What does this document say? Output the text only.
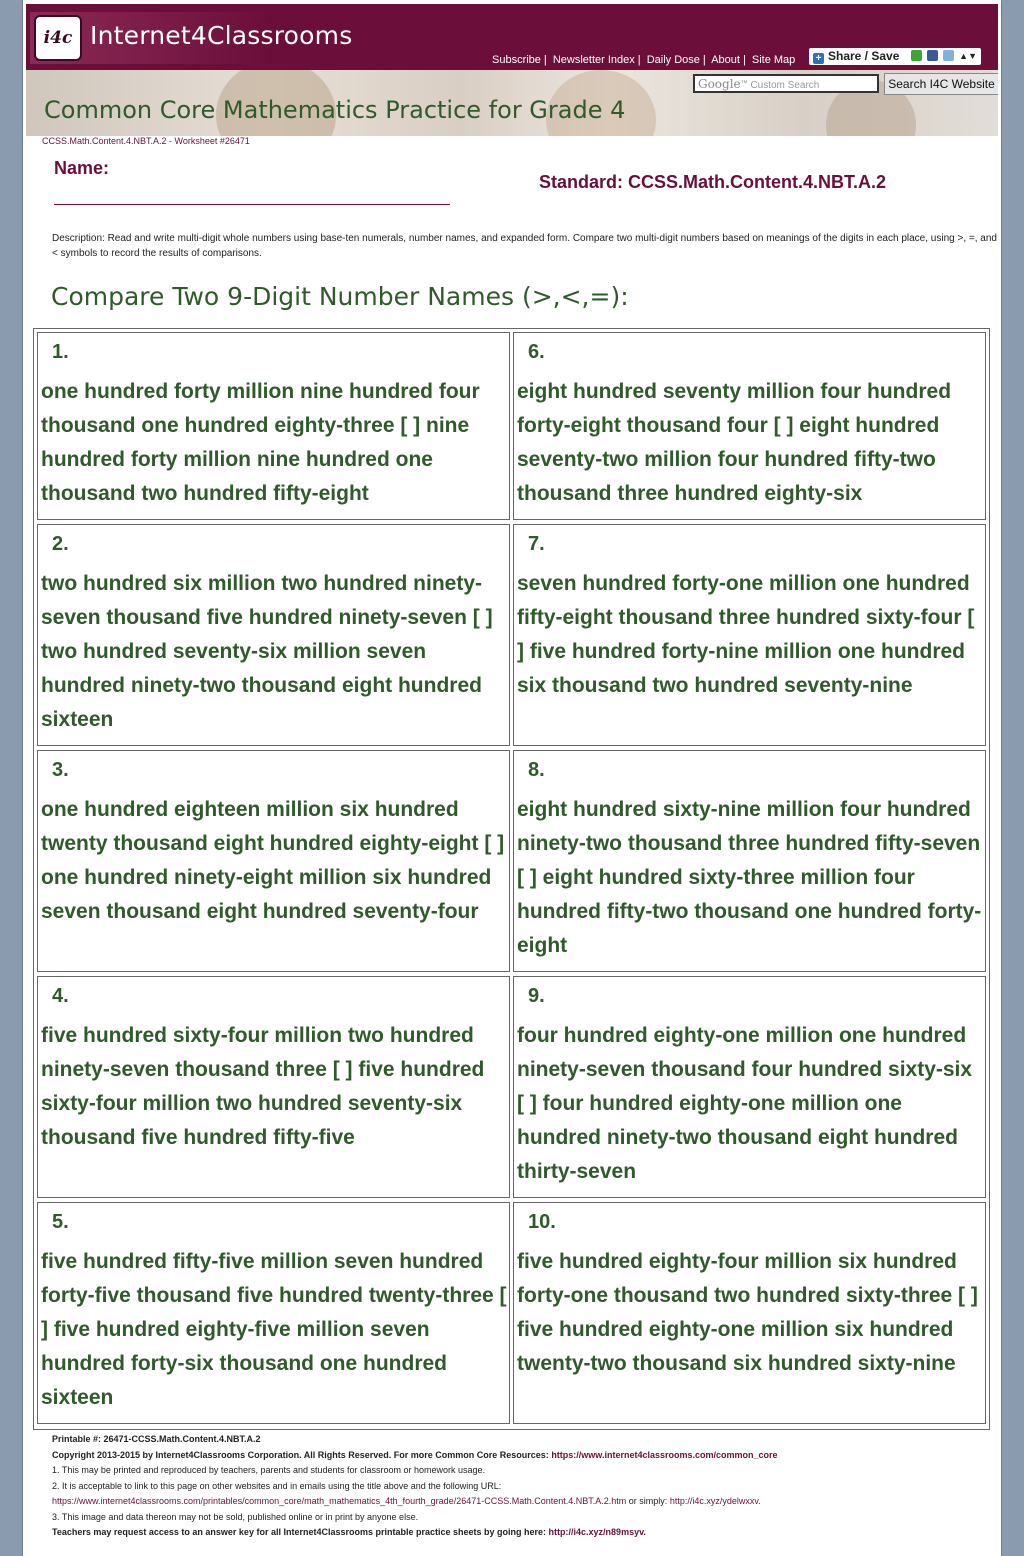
i4c Internet4Classrooms
Subscribe | Newsletter Index | Daily Dose | About | Site Map	+ Share / Save	▲▼
Google™ Custom Search	Search I4C Website
Common Core Mathematics Practice for Grade 4
CCSS.Math.Content.4.NBT.A.2 - Worksheet #26471
Name:
Standard: CCSS.Math.Content.4.NBT.A.2
Description: Read and write multi-digit whole numbers using base-ten numerals, number names, and expanded form. Compare two multi-digit numbers based on meanings of the digits in each place, using >, =, and < symbols to record the results of comparisons.
Compare Two 9-Digit Number Names (>,<,=):
1.
one hundred forty million nine hundred four thousand one hundred eighty-three [ ] nine hundred forty million nine hundred one thousand two hundred fifty-eight
6.
eight hundred seventy million four hundred forty-eight thousand four [ ] eight hundred seventy-two million four hundred fifty-two thousand three hundred eighty-six
2.
two hundred six million two hundred ninety-seven thousand five hundred ninety-seven [ ] two hundred seventy-six million seven hundred ninety-two thousand eight hundred sixteen
7.
seven hundred forty-one million one hundred fifty-eight thousand three hundred sixty-four [ ] five hundred forty-nine million one hundred six thousand two hundred seventy-nine
3.
one hundred eighteen million six hundred twenty thousand eight hundred eighty-eight [ ] one hundred ninety-eight million six hundred seven thousand eight hundred seventy-four
8.
eight hundred sixty-nine million four hundred ninety-two thousand three hundred fifty-seven [ ] eight hundred sixty-three million four hundred fifty-two thousand one hundred forty-eight
4.
five hundred sixty-four million two hundred ninety-seven thousand three [ ] five hundred sixty-four million two hundred seventy-six thousand five hundred fifty-five
9.
four hundred eighty-one million one hundred ninety-seven thousand four hundred sixty-six [ ] four hundred eighty-one million one hundred ninety-two thousand eight hundred thirty-seven
5.
five hundred fifty-five million seven hundred forty-five thousand five hundred twenty-three [ ] five hundred eighty-five million seven hundred forty-six thousand one hundred sixteen
10.
five hundred eighty-four million six hundred forty-one thousand two hundred sixty-three [ ] five hundred eighty-one million six hundred twenty-two thousand six hundred sixty-nine
Printable #: 26471-CCSS.Math.Content.4.NBT.A.2
Copyright 2013-2015 by Internet4Classrooms Corporation. All Rights Reserved. For more Common Core Resources: https://www.internet4classrooms.com/common_core
1. This may be printed and reproduced by teachers, parents and students for classroom or homework usage.
2. It is acceptable to link to this page on other websites and in emails using the title above and the following URL:
https://www.internet4classrooms.com/printables/common_core/math_mathematics_4th_fourth_grade/26471-CCSS.Math.Content.4.NBT.A.2.htm or simply: http://i4c.xyz/ydelwxxv.
3. This image and data thereon may not be sold, published online or in print by anyone else.
Teachers may request access to an answer key for all Internet4Classrooms printable practice sheets by going here: http://i4c.xyz/n89msyv.
